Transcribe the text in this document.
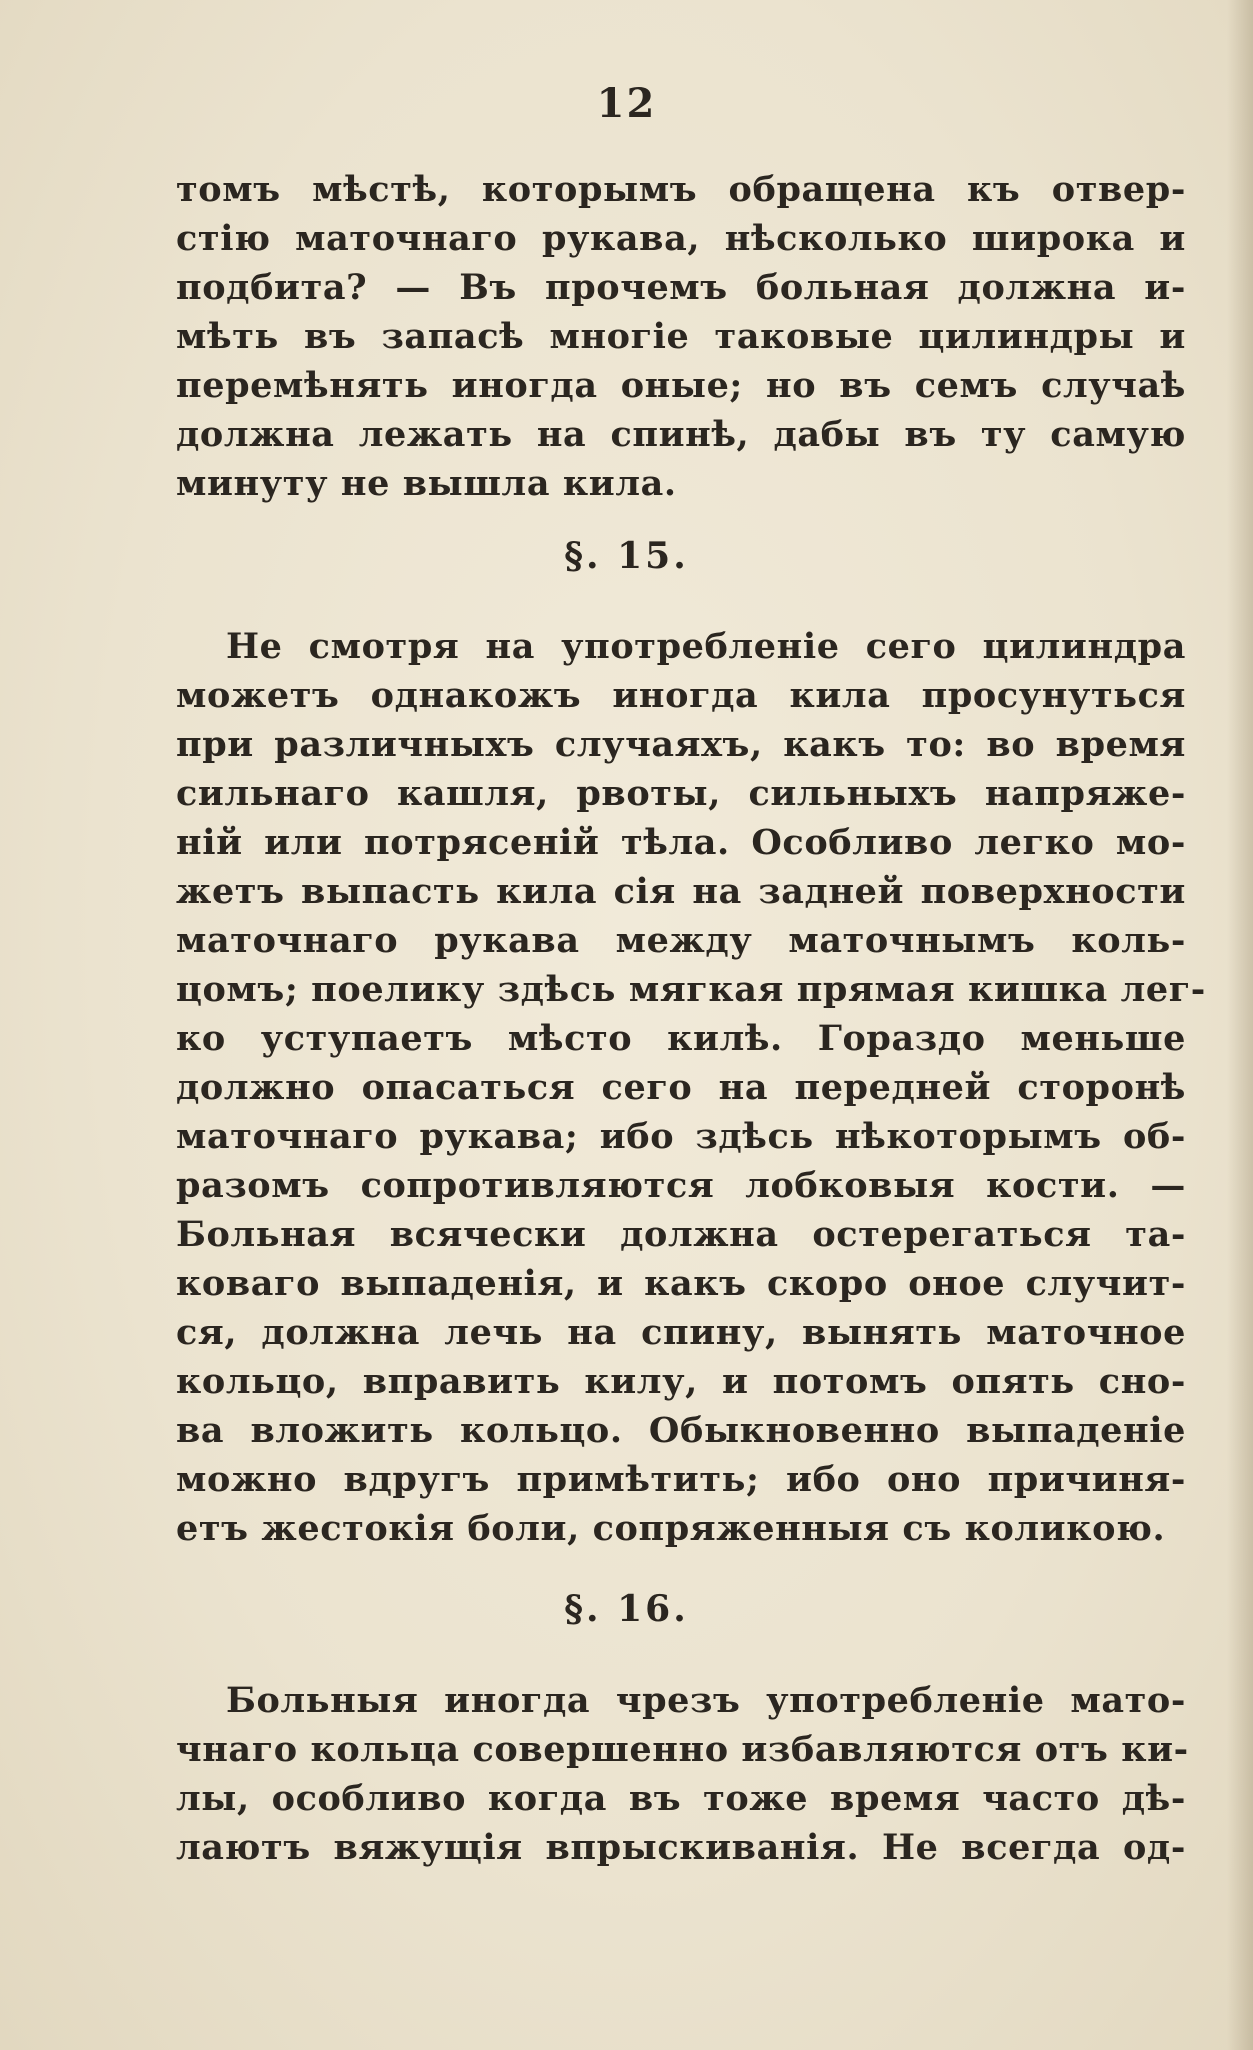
12
томъ мѣстѣ, которымъ обращена къ отвер-
стію маточнаго рукава, нѣсколько широка и
подбита? — Въ прочемъ больная должна и-
мѣть въ запасѣ многіе таковые цилиндры и
перемѣнять иногда оные; но въ семъ случаѣ
должна лежать на спинѣ, дабы въ ту самую
минуту не вышла кила.
§. 15.
Не смотря на употребленіе сего цилиндра
можетъ однакожъ иногда кила просунуться
при различныхъ случаяхъ, какъ то: во время
сильнаго кашля, рвоты, сильныхъ напряже-
ній или потрясеній тѣла. Особливо легко мо-
жетъ выпасть кила сія на задней поверхности
маточнаго рукава между маточнымъ коль-
цомъ; поелику здѣсь мягкая прямая кишка лег-
ко уступаетъ мѣсто килѣ. Гораздо меньше
должно опасаться сего на передней сторонѣ
маточнаго рукава; ибо здѣсь нѣкоторымъ об-
разомъ сопротивляются лобковыя кости. —
Больная всячески должна остерегаться та-
коваго выпаденія, и какъ скоро оное случит-
ся, должна лечь на спину, вынять маточное
кольцо, вправить килу, и потомъ опять сно-
ва вложить кольцо. Обыкновенно выпаденіе
можно вдругъ примѣтить; ибо оно причиня-
етъ жестокія боли, сопряженныя съ коликою.
§. 16.
Больныя иногда чрезъ употребленіе мато-
чнаго кольца совершенно избавляются отъ ки-
лы, особливо когда въ тоже время часто дѣ-
лаютъ вяжущія впрыскиванія. Не всегда од-
